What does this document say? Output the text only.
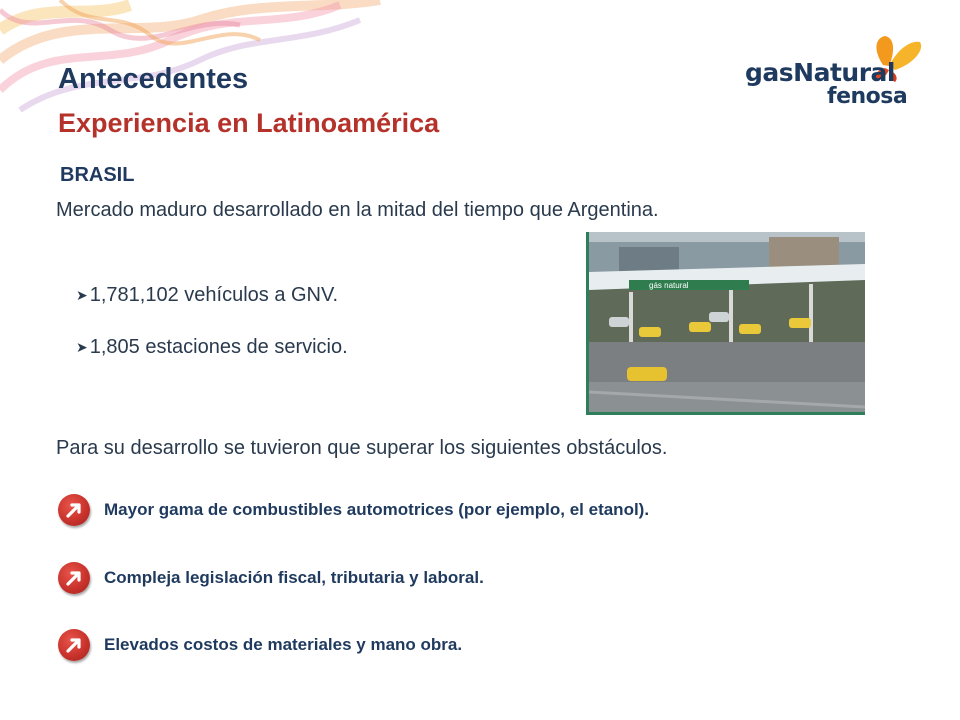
gasNatural
fenosa
Antecedentes
Experiencia en Latinoamérica
BRASIL
Mercado maduro desarrollado en la mitad del tiempo que Argentina.
➤ 1,781,102 vehículos a GNV.
➤ 1,805 estaciones de servicio.
gás natural
Para su desarrollo se tuvieron que superar los siguientes obstáculos.
Mayor gama de combustibles automotrices (por ejemplo, el etanol).
Compleja legislación fiscal, tributaria y laboral.
Elevados costos de materiales y mano obra.
